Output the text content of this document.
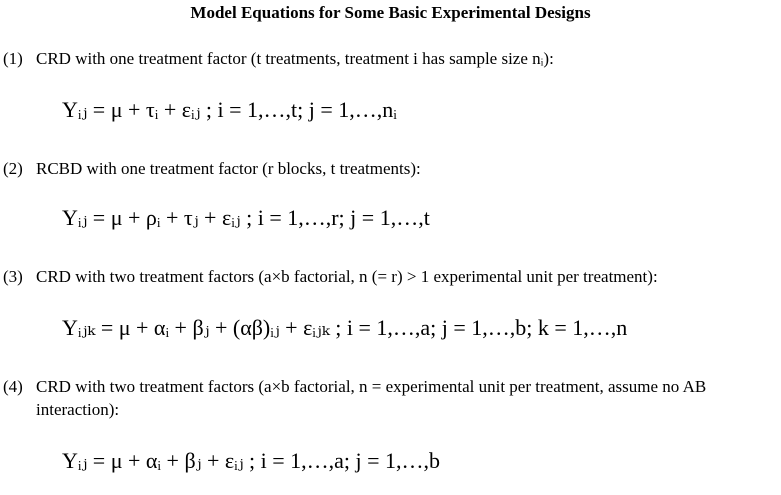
Model Equations for Some Basic Experimental Designs
(1) CRD with one treatment factor (t treatments, treatment i has sample size nᵢ):
Yᵢⱼ = μ + τᵢ + εᵢⱼ ; i = 1,…,t; j = 1,…,nᵢ
(2) RCBD with one treatment factor (r blocks, t treatments):
Yᵢⱼ = μ + ρᵢ + τⱼ + εᵢⱼ ; i = 1,…,r; j = 1,…,t
(3) CRD with two treatment factors (a×b factorial, n (= r) > 1 experimental unit per treatment):
Yᵢⱼₖ = μ + αᵢ + βⱼ + (αβ)ᵢⱼ + εᵢⱼₖ ; i = 1,…,a; j = 1,…,b; k = 1,…,n
(4) CRD with two treatment factors (a×b factorial, n = experimental unit per treatment, assume no AB interaction):
Yᵢⱼ = μ + αᵢ + βⱼ + εᵢⱼ ; i = 1,…,a; j = 1,…,b
